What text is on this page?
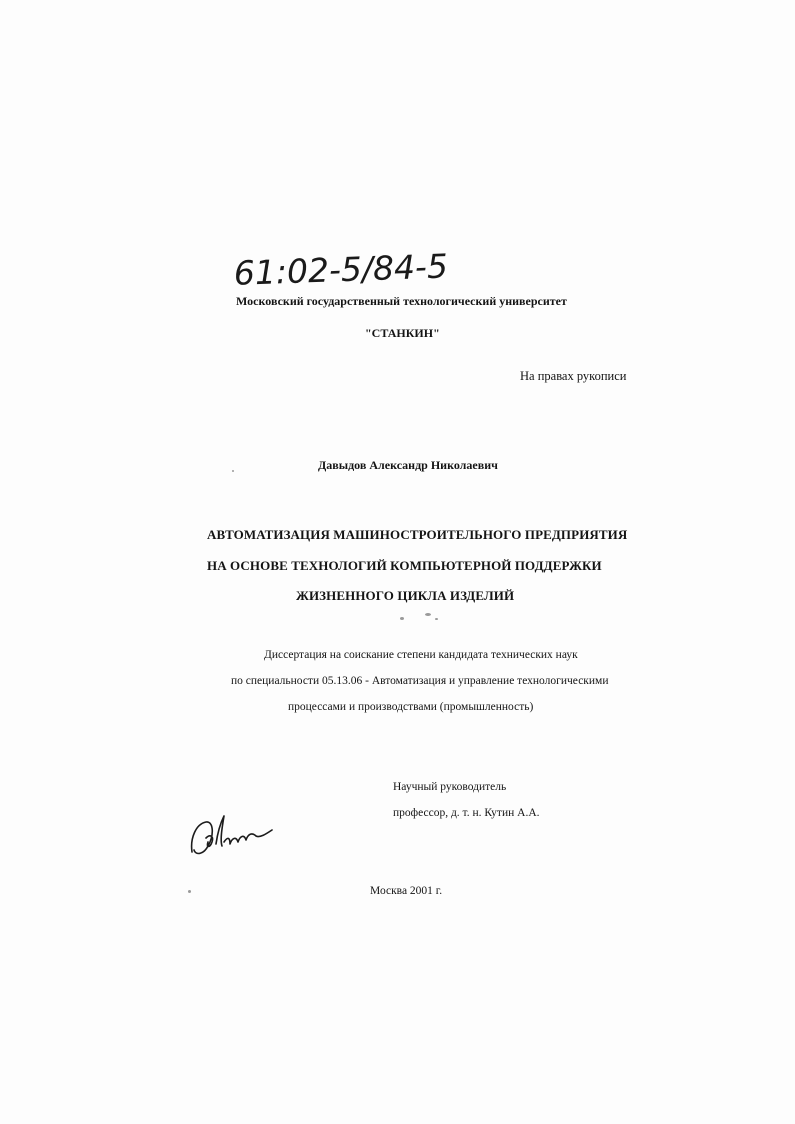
61:02-5/84-5
Московский государственный технологический университет
"СТАНКИН"
На правах рукописи
Давыдов Александр Николаевич
АВТОМАТИЗАЦИЯ МАШИНОСТРОИТЕЛЬНОГО ПРЕДПРИЯТИЯ
НА ОСНОВЕ ТЕХНОЛОГИЙ КОМПЬЮТЕРНОЙ ПОДДЕРЖКИ
ЖИЗНЕННОГО ЦИКЛА ИЗДЕЛИЙ
Диссертация на соискание степени кандидата технических наук
по специальности 05.13.06 - Автоматизация и управление технологическими
процессами и производствами (промышленность)
Научный руководитель
профессор, д. т. н. Кутин А.А.
Москва 2001 г.
